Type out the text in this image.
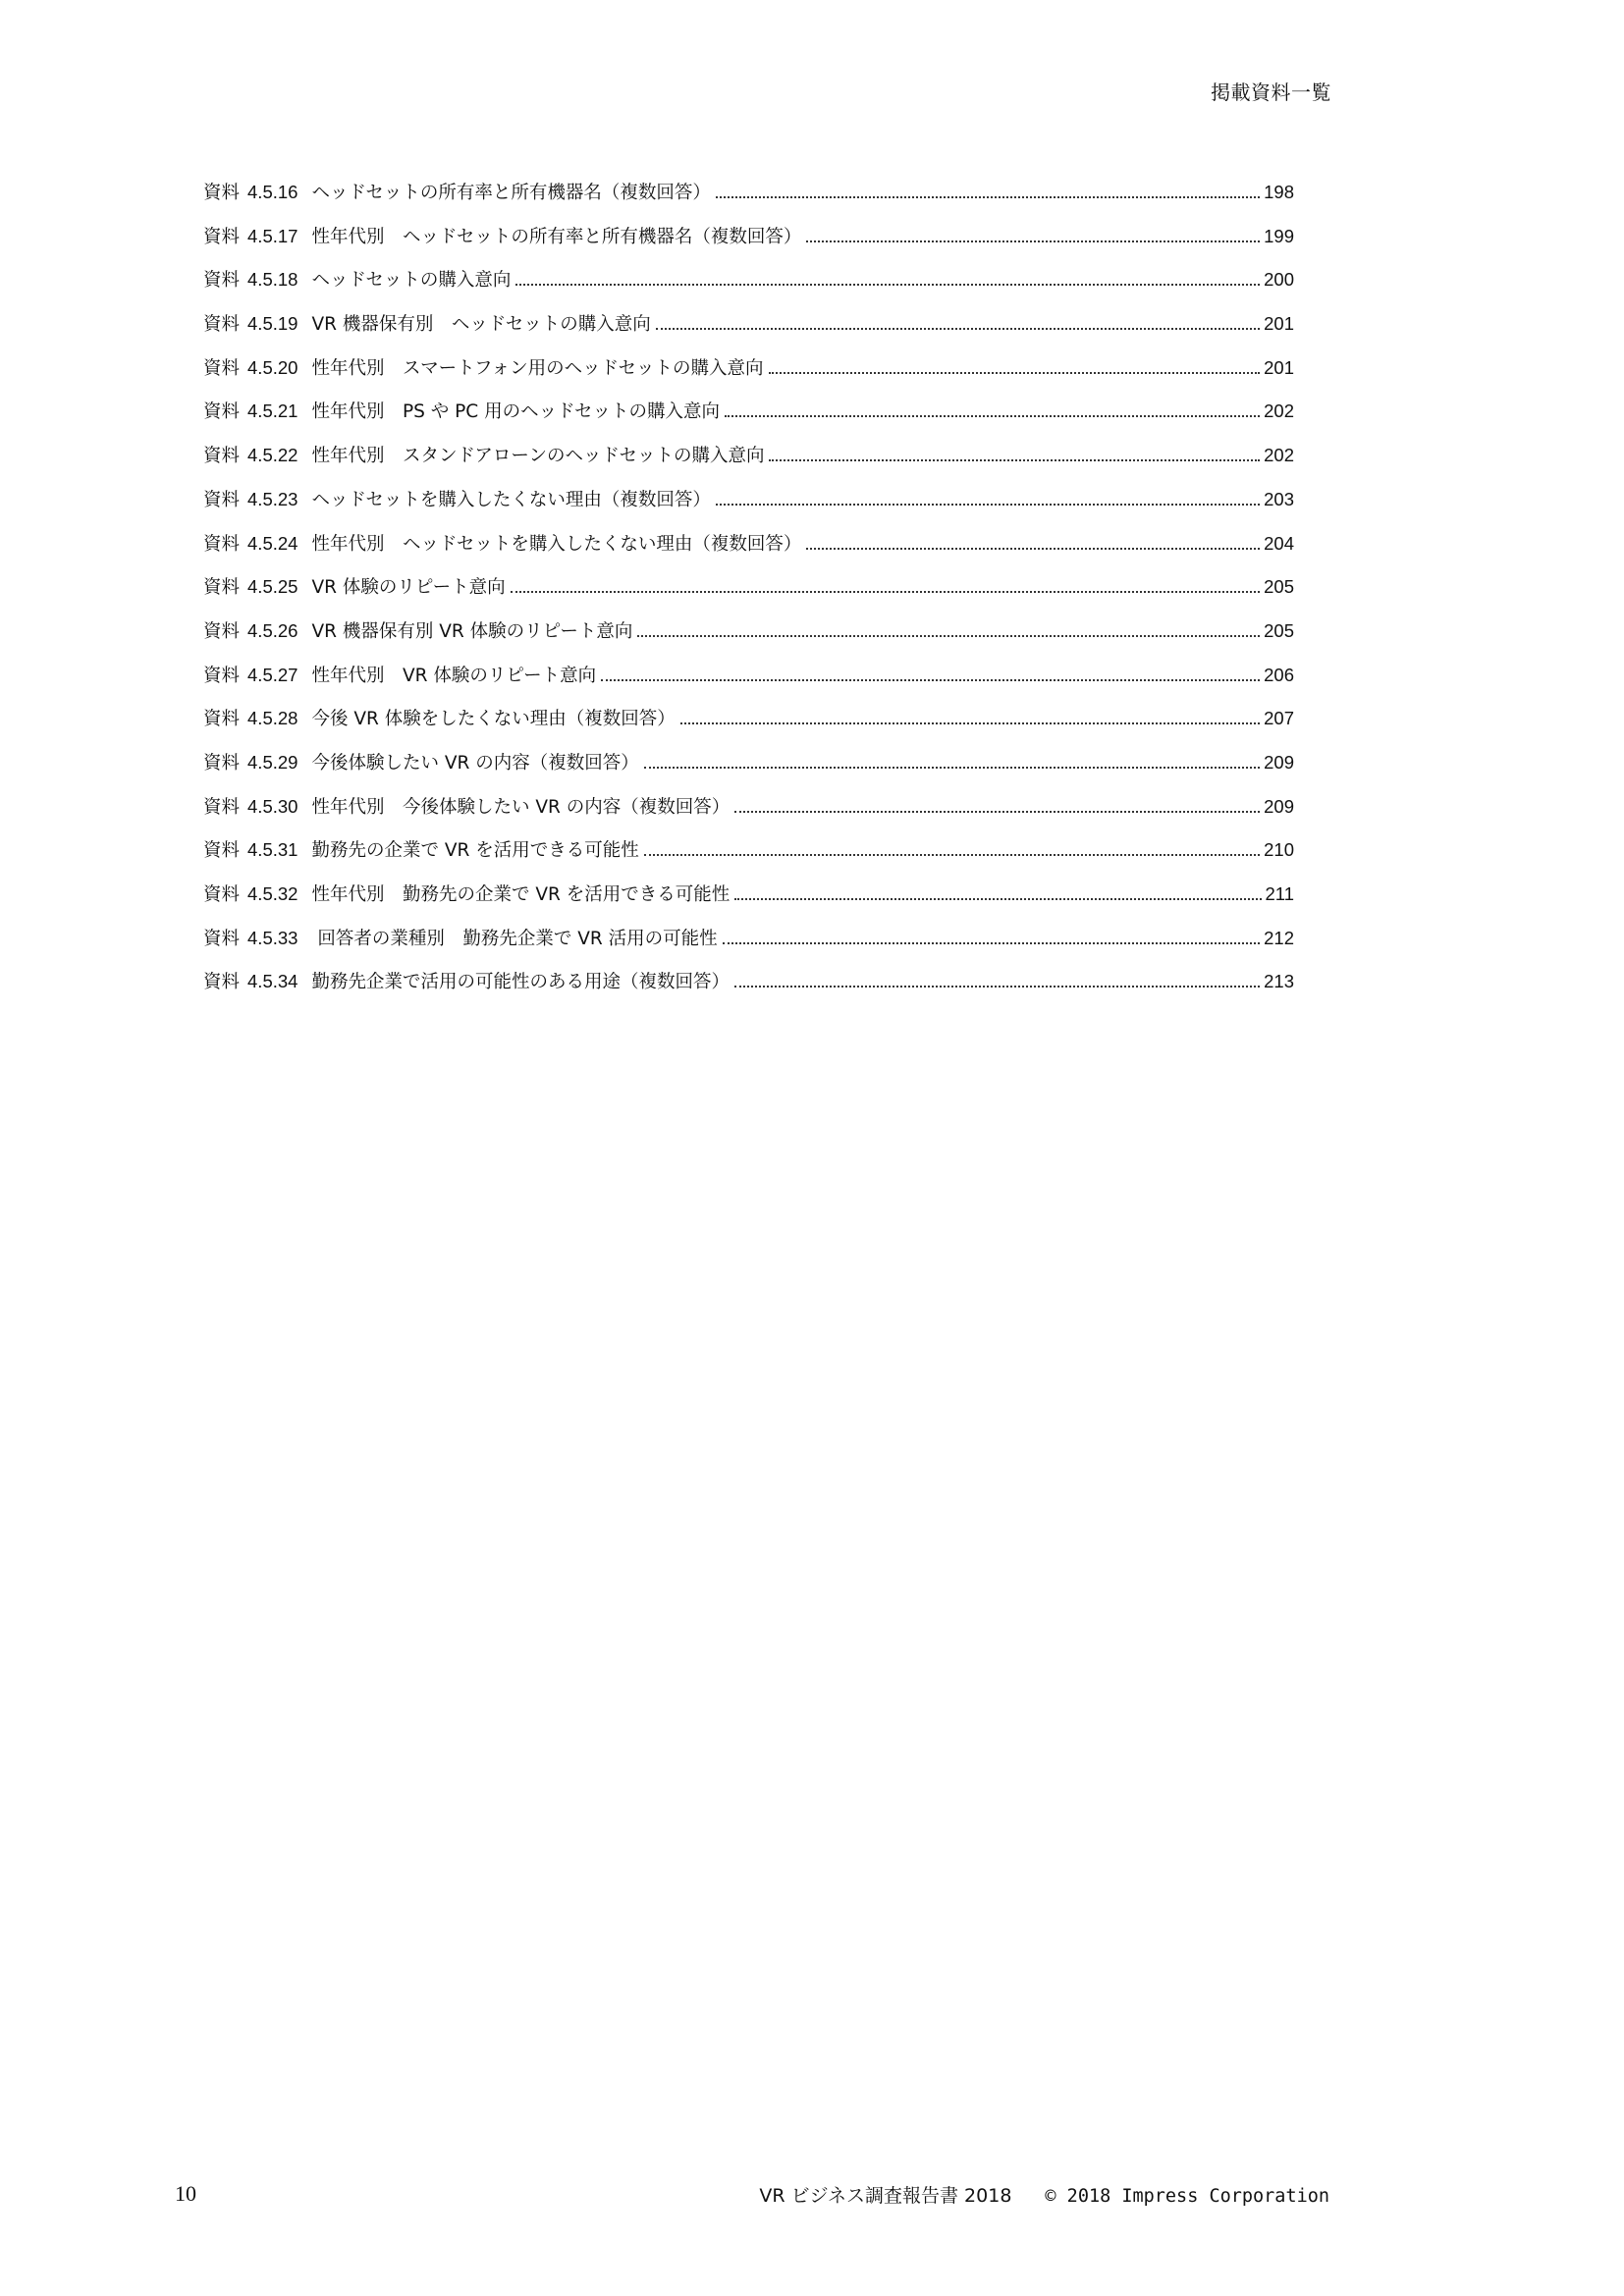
掲載資料一覧
資料 4.5.16 ヘッドセットの所有率と所有機器名（複数回答）	198
資料 4.5.17 性年代別　ヘッドセットの所有率と所有機器名（複数回答）	199
資料 4.5.18 ヘッドセットの購入意向	200
資料 4.5.19 VR 機器保有別　ヘッドセットの購入意向	201
資料 4.5.20 性年代別　スマートフォン用のヘッドセットの購入意向	201
資料 4.5.21 性年代別　PS や PC 用のヘッドセットの購入意向	202
資料 4.5.22 性年代別　スタンドアローンのヘッドセットの購入意向	202
資料 4.5.23 ヘッドセットを購入したくない理由（複数回答）	203
資料 4.5.24 性年代別　ヘッドセットを購入したくない理由（複数回答）	204
資料 4.5.25 VR 体験のリピート意向	205
資料 4.5.26 VR 機器保有別 VR 体験のリピート意向	205
資料 4.5.27 性年代別　VR 体験のリピート意向	206
資料 4.5.28 今後 VR 体験をしたくない理由（複数回答）	207
資料 4.5.29 今後体験したい VR の内容（複数回答）	209
資料 4.5.30 性年代別　今後体験したい VR の内容（複数回答）	209
資料 4.5.31 勤務先の企業で VR を活用できる可能性	210
資料 4.5.32 性年代別　勤務先の企業で VR を活用できる可能性	211
資料 4.5.33 回答者の業種別　勤務先企業で VR 活用の可能性	212
資料 4.5.34 勤務先企業で活用の可能性のある用途（複数回答）	213
10	VR ビジネス調査報告書 2018 © 2018 Impress Corporation
